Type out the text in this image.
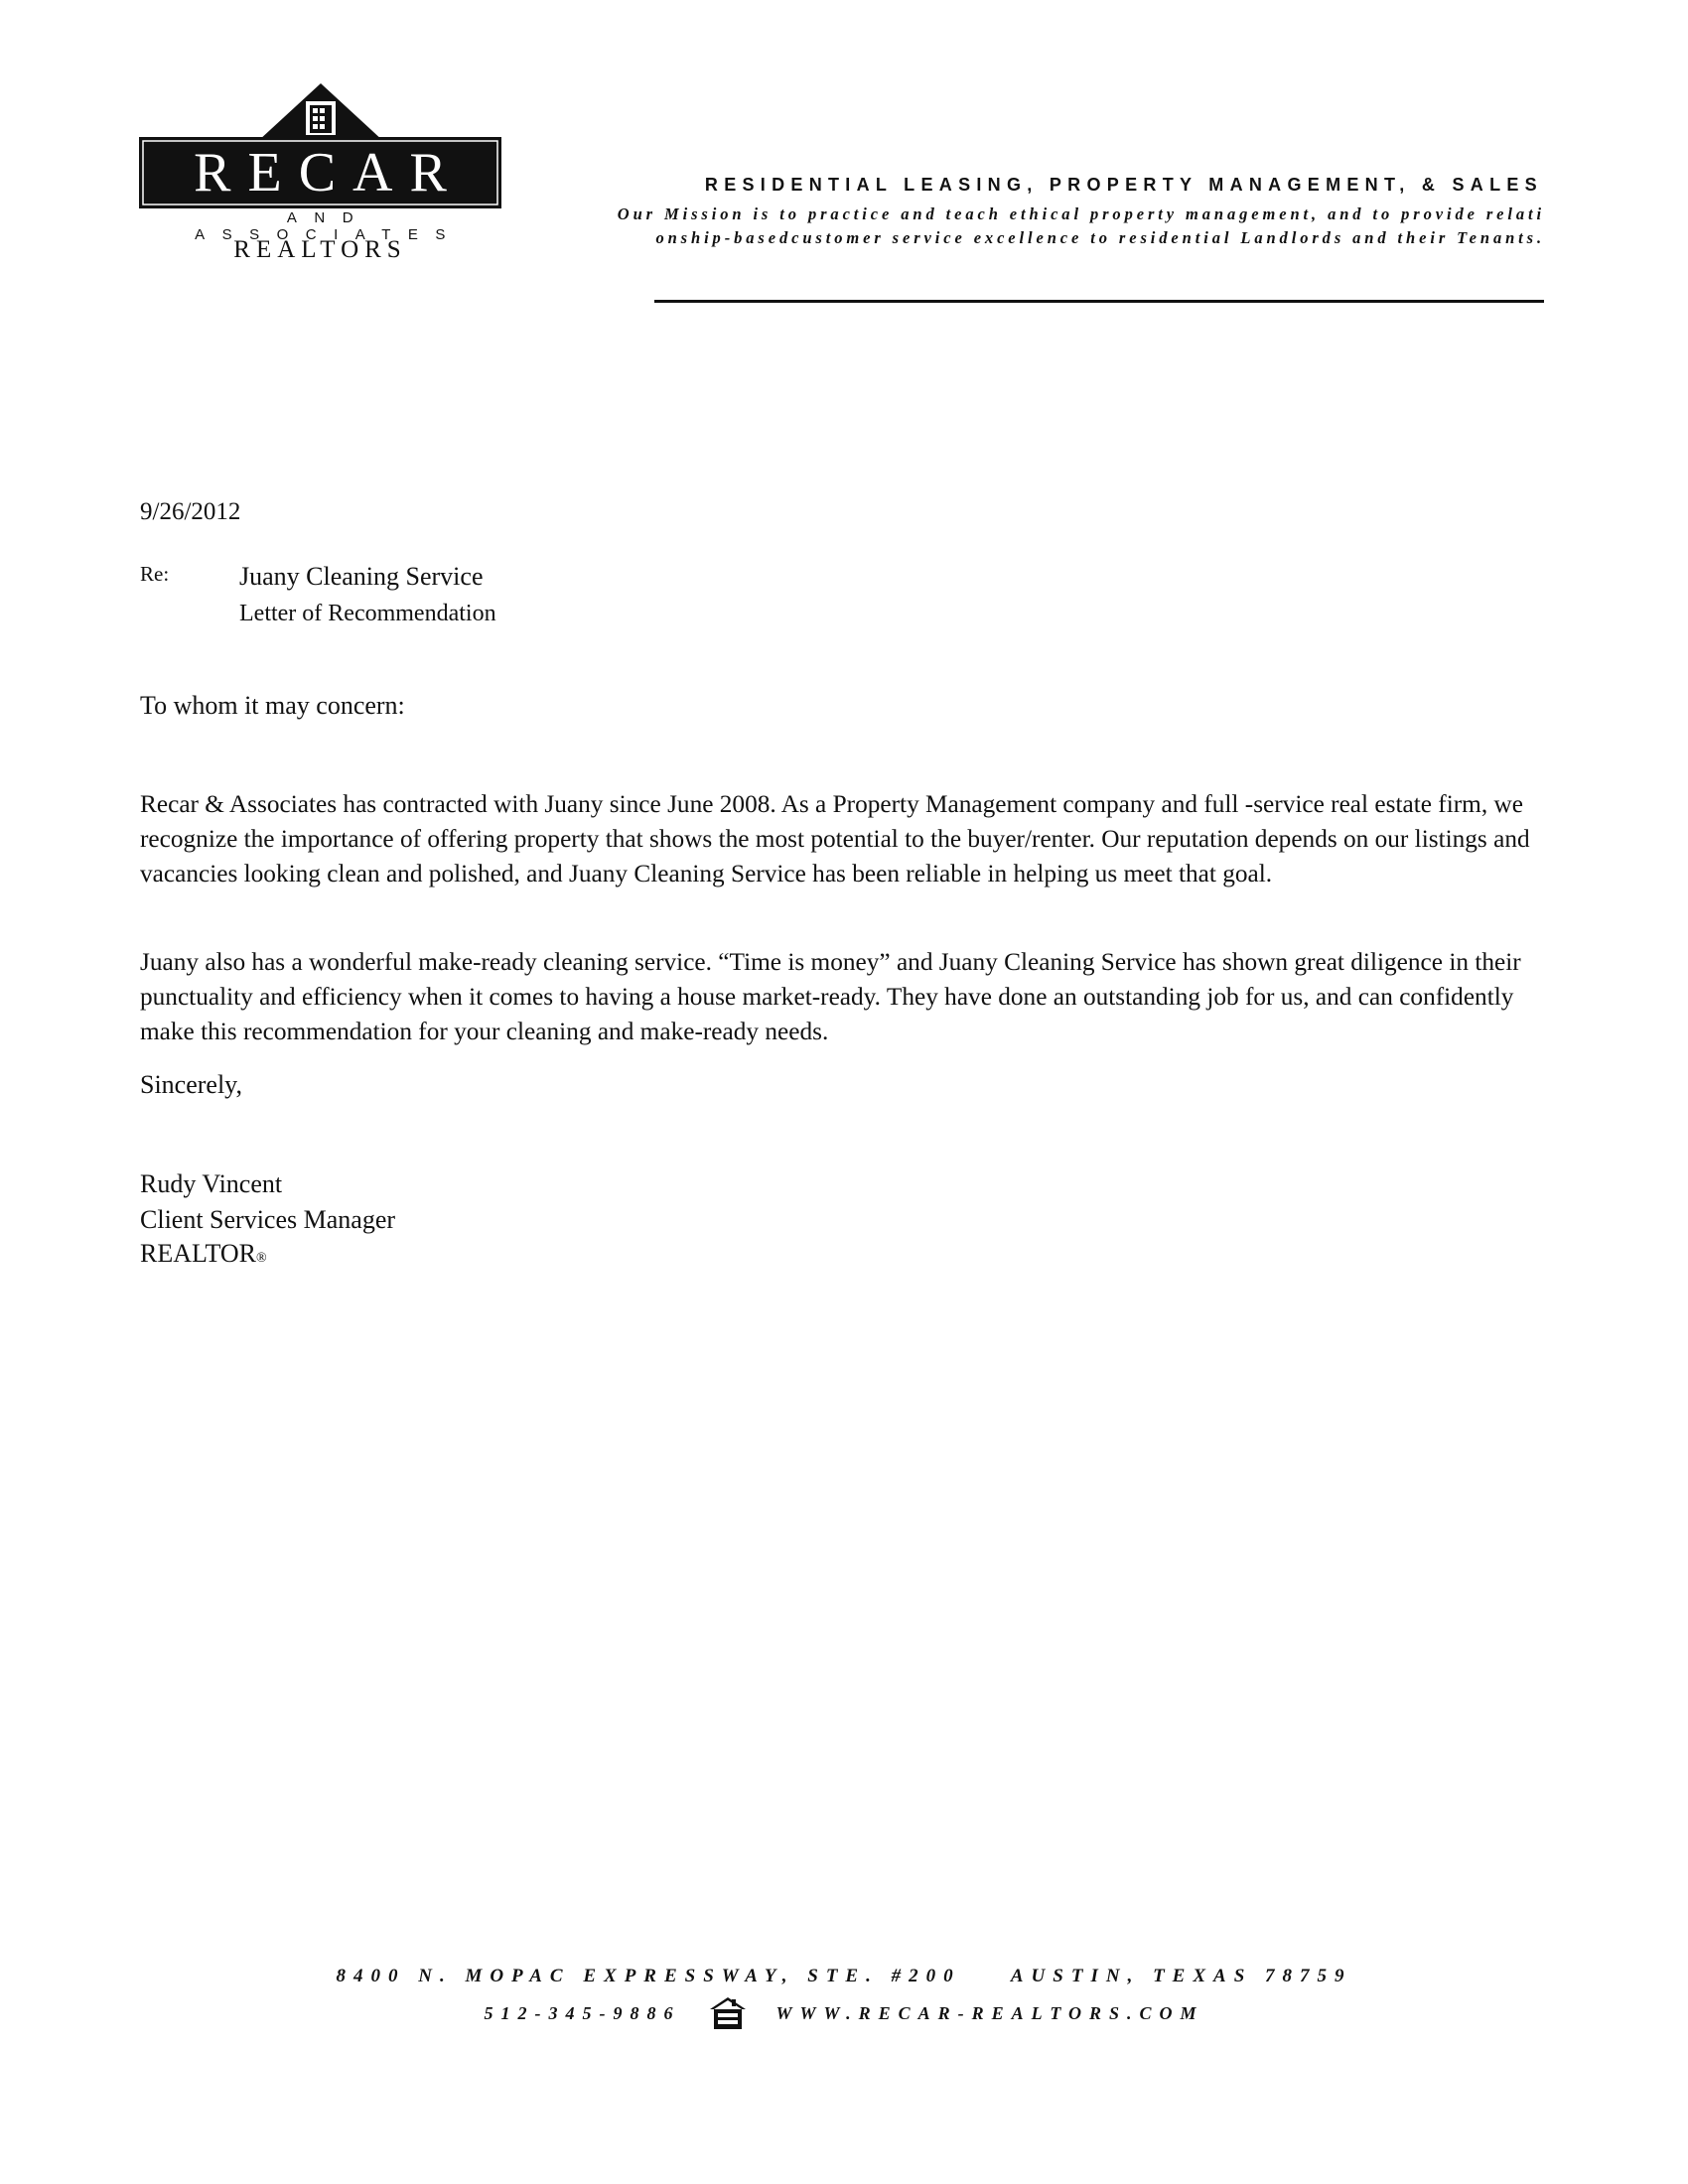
RECAR
AND ASSOCIATES
REALTORS
RESIDENTIAL LEASING, PROPERTY MANAGEMENT, & SALES
Our Mission is to practice and teach ethical property management, and to provide relationship-basedcustomer service excellence to residential Landlords and their Tenants.
9/26/2012
Re:	Juany Cleaning Service
Letter of Recommendation
To whom it may concern:
Recar & Associates has contracted with Juany since June 2008. As a Property Management company and full -service real estate firm, we recognize the importance of offering property that shows the most potential to the buyer/renter. Our reputation depends on our listings and vacancies looking clean and polished, and Juany Cleaning Service has been reliable in helping us meet that goal.
Juany also has a wonderful make-ready cleaning service. “Time is money” and Juany Cleaning Service has shown great diligence in their punctuality and efficiency when it comes to having a house market-ready. They have done an outstanding job for us, and can confidently make this recommendation for your cleaning and make-ready needs.
Sincerely,
Rudy Vincent
Client Services Manager
REALTOR®
8400 N. MOPAC EXPRESSWAY, STE. #200    AUSTIN, TEXAS 78759
512-345-9886	WWW.RECAR-REALTORS.COM
